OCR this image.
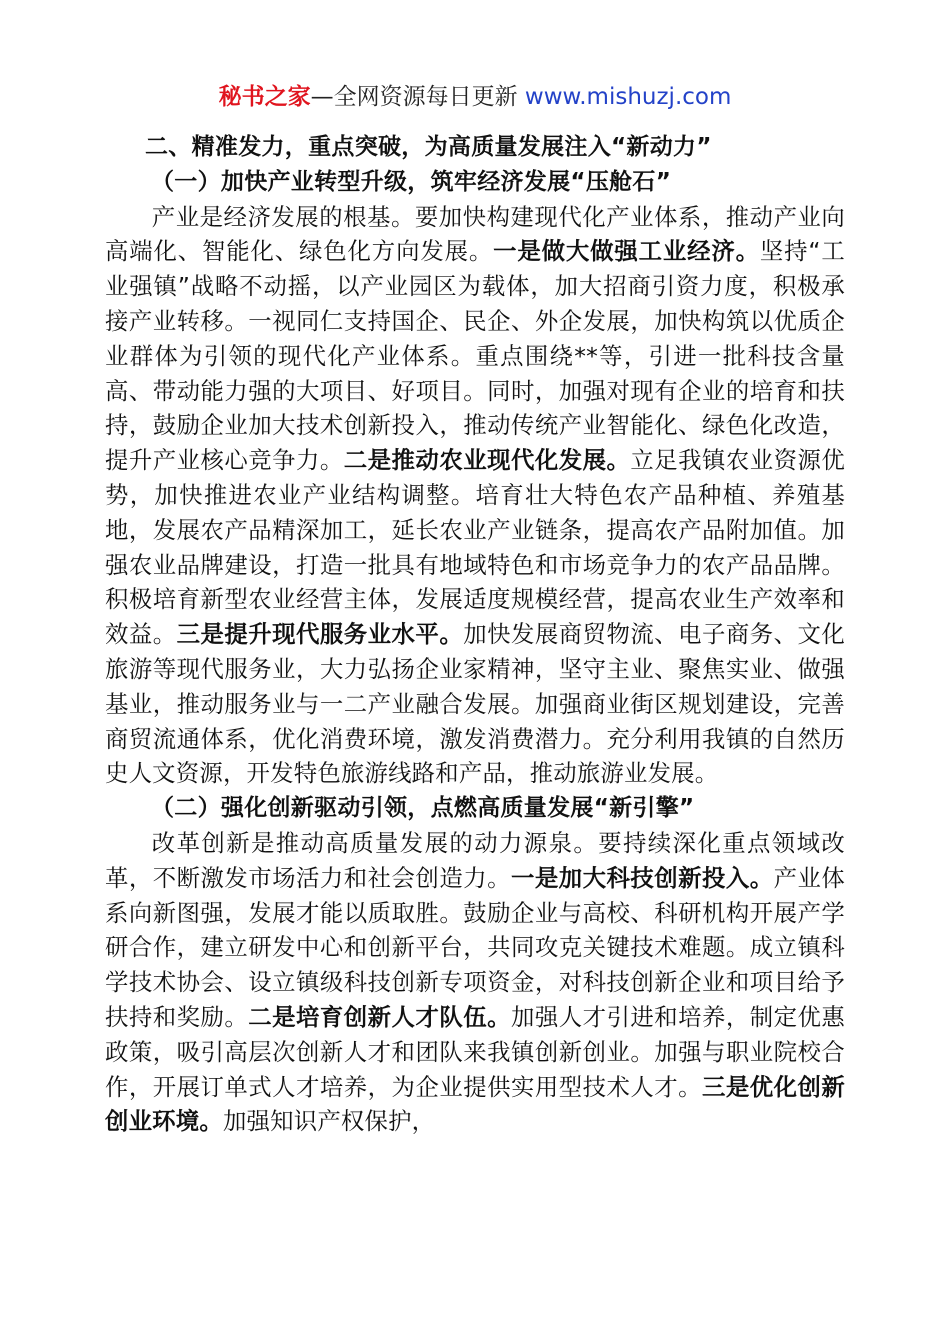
秘书之家—全网资源每日更新 www.mishuzj.com
二、精准发力，重点突破，为高质量发展注入“新动力”
（一）加快产业转型升级，筑牢经济发展“压舱石”
产业是经济发展的根基。要加快构建现代化产业体系，推动产业向高端化、智能化、绿色化方向发展。一是做大做强工业经济。坚持“工业强镇”战略不动摇，以产业园区为载体，加大招商引资力度，积极承接产业转移。一视同仁支持国企、民企、外企发展，加快构筑以优质企业群体为引领的现代化产业体系。重点围绕**等，引进一批科技含量高、带动能力强的大项目、好项目。同时，加强对现有企业的培育和扶持，鼓励企业加大技术创新投入，推动传统产业智能化、绿色化改造，提升产业核心竞争力。二是推动农业现代化发展。立足我镇农业资源优势，加快推进农业产业结构调整。培育壮大特色农产品种植、养殖基地，发展农产品精深加工，延长农业产业链条，提高农产品附加值。加强农业品牌建设，打造一批具有地域特色和市场竞争力的农产品品牌。积极培育新型农业经营主体，发展适度规模经营，提高农业生产效率和效益。三是提升现代服务业水平。加快发展商贸物流、电子商务、文化旅游等现代服务业，大力弘扬企业家精神，坚守主业、聚焦实业、做强基业，推动服务业与一二产业融合发展。加强商业街区规划建设，完善商贸流通体系，优化消费环境，激发消费潜力。充分利用我镇的自然历史人文资源，开发特色旅游线路和产品，推动旅游业发展。
（二）强化创新驱动引领，点燃高质量发展“新引擎”
改革创新是推动高质量发展的动力源泉。要持续深化重点领域改革，不断激发市场活力和社会创造力。一是加大科技创新投入。产业体系向新图强，发展才能以质取胜。鼓励企业与高校、科研机构开展产学研合作，建立研发中心和创新平台，共同攻克关键技术难题。成立镇科学技术协会、设立镇级科技创新专项资金，对科技创新企业和项目给予扶持和奖励。二是培育创新人才队伍。加强人才引进和培养，制定优惠政策，吸引高层次创新人才和团队来我镇创新创业。加强与职业院校合作，开展订单式人才培养，为企业提供实用型技术人才。三是优化创新创业环境。加强知识产权保护，
